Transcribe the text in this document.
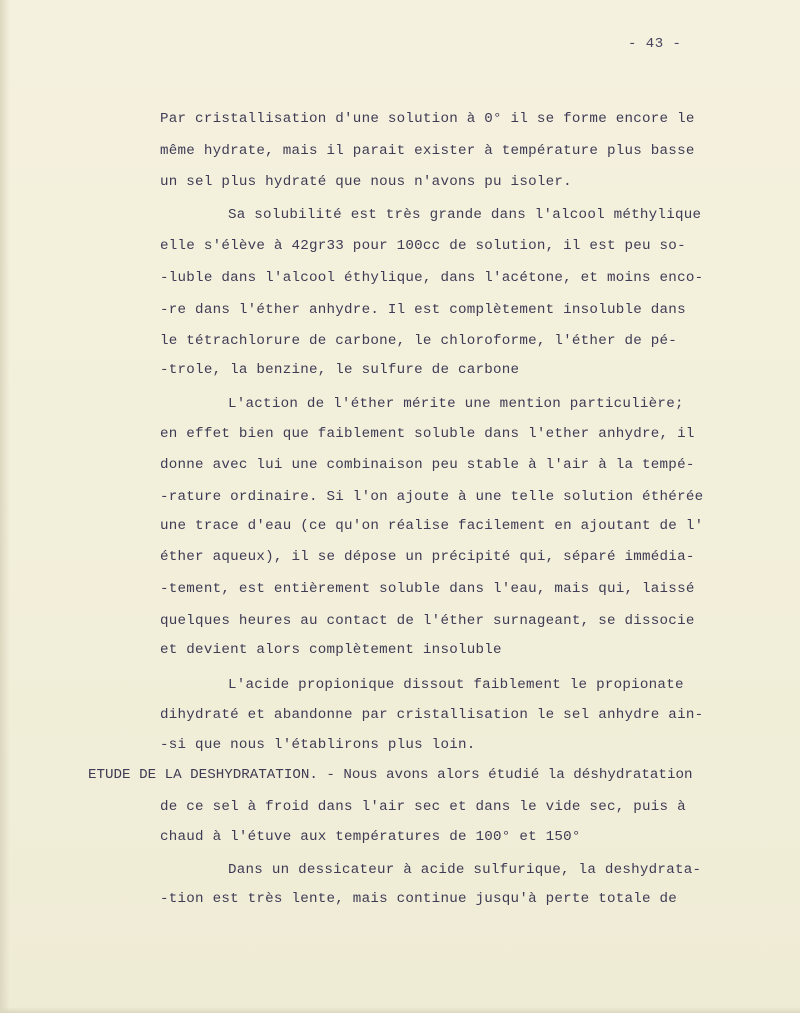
- 43 -
Par cristallisation d'une solution à 0° il se forme encore le
même hydrate, mais il parait exister à température plus basse
un sel plus hydraté que nous n'avons pu isoler.
Sa solubilité est très grande dans l'alcool méthylique
elle s'élève à 42gr33 pour 100cc de solution, il est peu so-
-luble dans l'alcool éthylique, dans l'acétone, et moins enco-
-re dans l'éther anhydre. Il est complètement insoluble dans
le tétrachlorure de carbone, le chloroforme, l'éther de pé-
-trole, la benzine, le sulfure de carbone
L'action de l'éther mérite une mention particulière;
en effet bien que faiblement soluble dans l'ether anhydre, il
donne avec lui une combinaison peu stable à l'air à la tempé-
-rature ordinaire. Si l'on ajoute à une telle solution éthérée
une trace d'eau (ce qu'on réalise facilement en ajoutant de l'
éther aqueux), il se dépose un précipité qui, séparé immédia-
-tement, est entièrement soluble dans l'eau, mais qui, laissé
quelques heures au contact de l'éther surnageant, se dissocie
et devient alors complètement insoluble
L'acide propionique dissout faiblement le propionate
dihydraté et abandonne par cristallisation le sel anhydre ain-
-si que nous l'établirons plus loin.
ETUDE DE LA DESHYDRATATION. - Nous avons alors étudié la déshydratation
de ce sel à froid dans l'air sec et dans le vide sec, puis à
chaud à l'étuve aux températures de 100° et 150°
Dans un dessicateur à acide sulfurique, la deshydrata-
-tion est très lente, mais continue jusqu'à perte totale de
